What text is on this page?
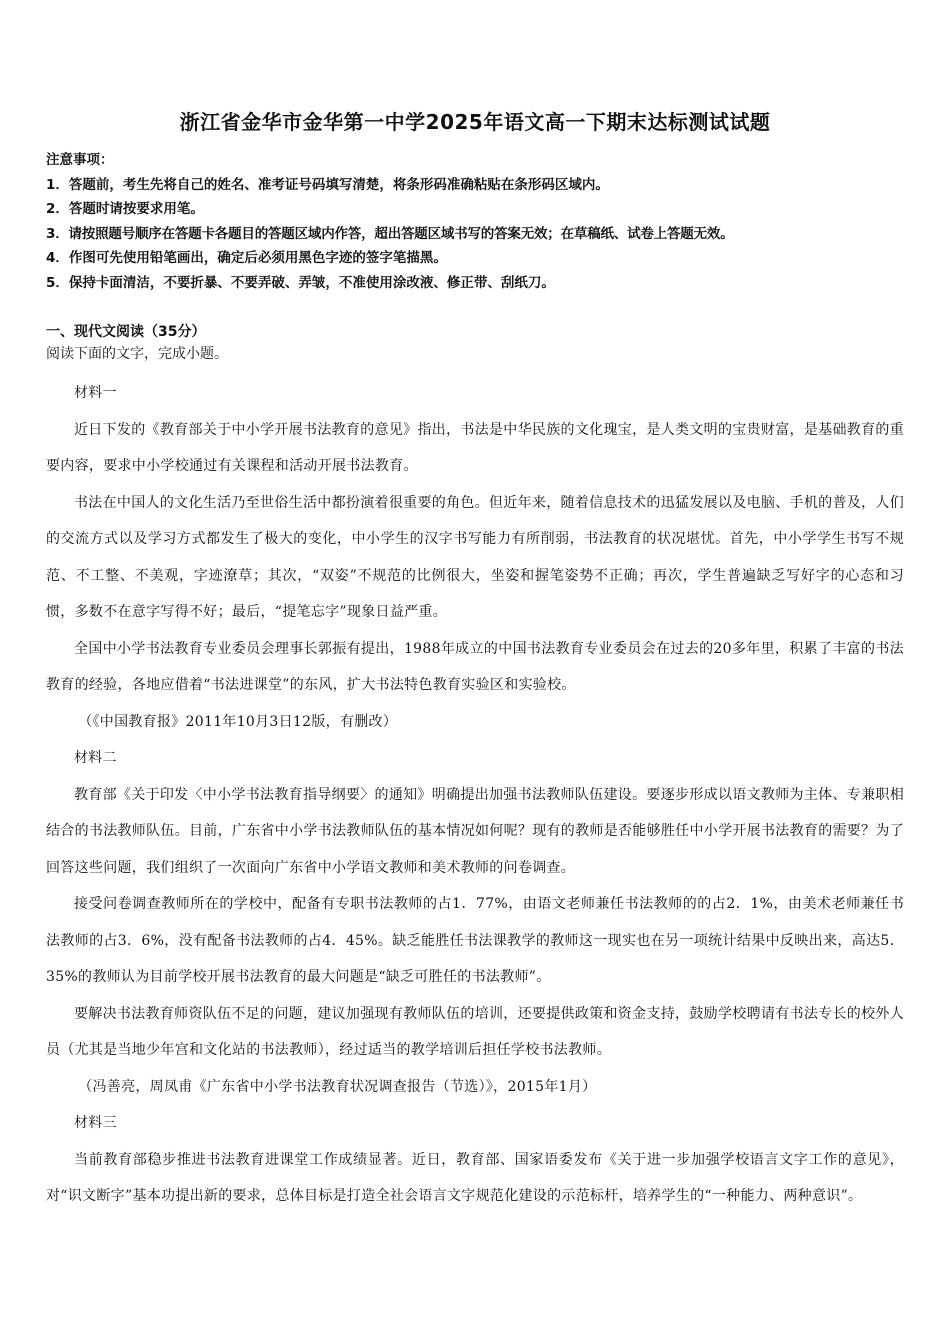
浙江省金华市金华第一中学2025年语文高一下期末达标测试试题

注意事项：

1．答题前，考生先将自己的姓名、准考证号码填写清楚，将条形码准确粘贴在条形码区域内。

2．答题时请按要求用笔。

3．请按照题号顺序在答题卡各题目的答题区域内作答，超出答题区域书写的答案无效；在草稿纸、试卷上答题无效。

4．作图可先使用铅笔画出，确定后必须用黑色字迹的签字笔描黑。

5．保持卡面清洁，不要折暴、不要弄破、弄皱，不准使用涂改液、修正带、刮纸刀。

一、现代文阅读（35分）
阅读下面的文字，完成小题。

材料一

近日下发的《教育部关于中小学开展书法教育的意见》指出，书法是中华民族的文化瑰宝，是人类文明的宝贵财富，是基础教育的重要内容，要求中小学校通过有关课程和活动开展书法教育。

书法在中国人的文化生活乃至世俗生活中都扮演着很重要的角色。但近年来，随着信息技术的迅猛发展以及电脑、手机的普及，人们的交流方式以及学习方式都发生了极大的变化，中小学生的汉字书写能力有所削弱，书法教育的状况堪忧。首先，中小学学生书写不规范、不工整、不美观，字迹潦草；其次，“双姿”不规范的比例很大，坐姿和握笔姿势不正确；再次，学生普遍缺乏写好字的心态和习惯，多数不在意字写得不好；最后，“提笔忘字”现象日益严重。

全国中小学书法教育专业委员会理事长郭振有提出，1988年成立的中国书法教育专业委员会在过去的20多年里，积累了丰富的书法教育的经验，各地应借着“书法进课堂”的东风，扩大书法特色教育实验区和实验校。

（《中国教育报》2011年10月3日12版，有删改）

材料二

教育部《关于印发〈中小学书法教育指导纲要〉的通知》明确提出加强书法教师队伍建设。要逐步形成以语文教师为主体、专兼职相结合的书法教师队伍。目前，广东省中小学书法教师队伍的基本情况如何呢？现有的教师是否能够胜任中小学开展书法教育的需要？为了回答这些问题，我们组织了一次面向广东省中小学语文教师和美术教师的问卷调查。

接受问卷调查教师所在的学校中，配备有专职书法教师的占1．77%，由语文老师兼任书法教师的的占2．1%，由美术老师兼任书法教师的占3．6%，没有配备书法教师的占4．45%。缺乏能胜任书法课教学的教师这一现实也在另一项统计结果中反映出来，高达5．35%的教师认为目前学校开展书法教育的最大问题是“缺乏可胜任的书法教师”。

要解决书法教育师资队伍不足的问题，建议加强现有教师队伍的培训，还要提供政策和资金支持，鼓励学校聘请有书法专长的校外人员（尤其是当地少年宫和文化站的书法教师），经过适当的教学培训后担任学校书法教师。

（冯善亮，周凤甫《广东省中小学书法教育状况调查报告（节选）》，2015年1月）

材料三

当前教育部稳步推进书法教育进课堂工作成绩显著。近日，教育部、国家语委发布《关于进一步加强学校语言文字工作的意见》，对“识文断字”基本功提出新的要求，总体目标是打造全社会语言文字规范化建设的示范标杆，培养学生的“一种能力、两种意识”。
